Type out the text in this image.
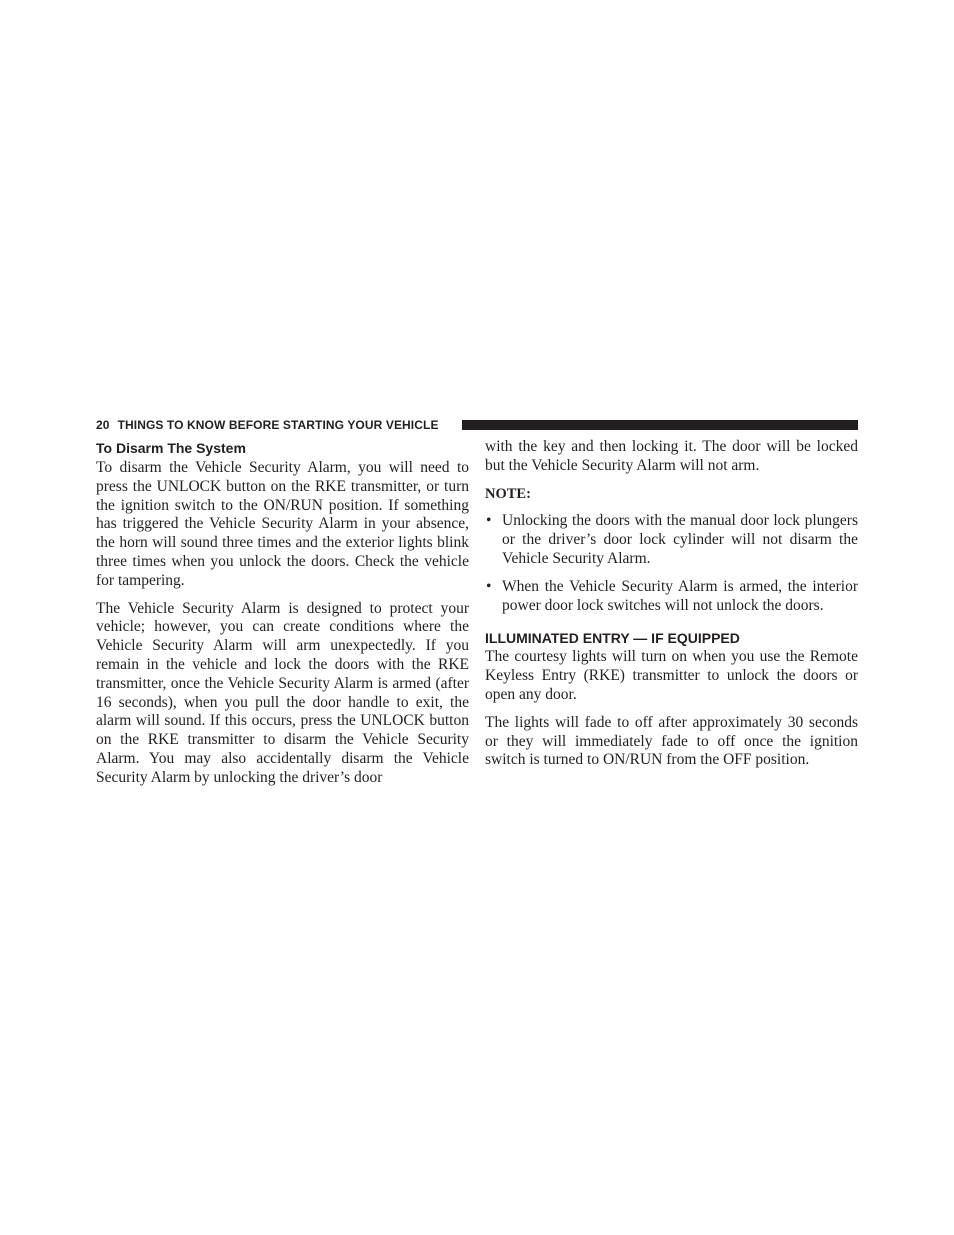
20 THINGS TO KNOW BEFORE STARTING YOUR VEHICLE
To Disarm The System

To disarm the Vehicle Security Alarm, you will need to press the UNLOCK button on the RKE transmitter, or turn the ignition switch to the ON/RUN position. If something has triggered the Vehicle Security Alarm in your absence, the horn will sound three times and the exterior lights blink three times when you unlock the doors. Check the vehicle for tampering.

The Vehicle Security Alarm is designed to protect your vehicle; however, you can create conditions where the Vehicle Security Alarm will arm unexpectedly. If you remain in the vehicle and lock the doors with the RKE transmitter, once the Vehicle Security Alarm is armed (after 16 seconds), when you pull the door handle to exit, the alarm will sound. If this occurs, press the UNLOCK button on the RKE transmitter to disarm the Vehicle Security Alarm. You may also accidentally disarm the Vehicle Security Alarm by unlocking the driver’s door

with the key and then locking it. The door will be locked but the Vehicle Security Alarm will not arm.

NOTE:

• Unlocking the doors with the manual door lock plungers or the driver’s door lock cylinder will not disarm the Vehicle Security Alarm.
• When the Vehicle Security Alarm is armed, the interior power door lock switches will not unlock the doors.
ILLUMINATED ENTRY — IF EQUIPPED

The courtesy lights will turn on when you use the Remote Keyless Entry (RKE) transmitter to unlock the doors or open any door.

The lights will fade to off after approximately 30 seconds or they will immediately fade to off once the ignition switch is turned to ON/RUN from the OFF position.
